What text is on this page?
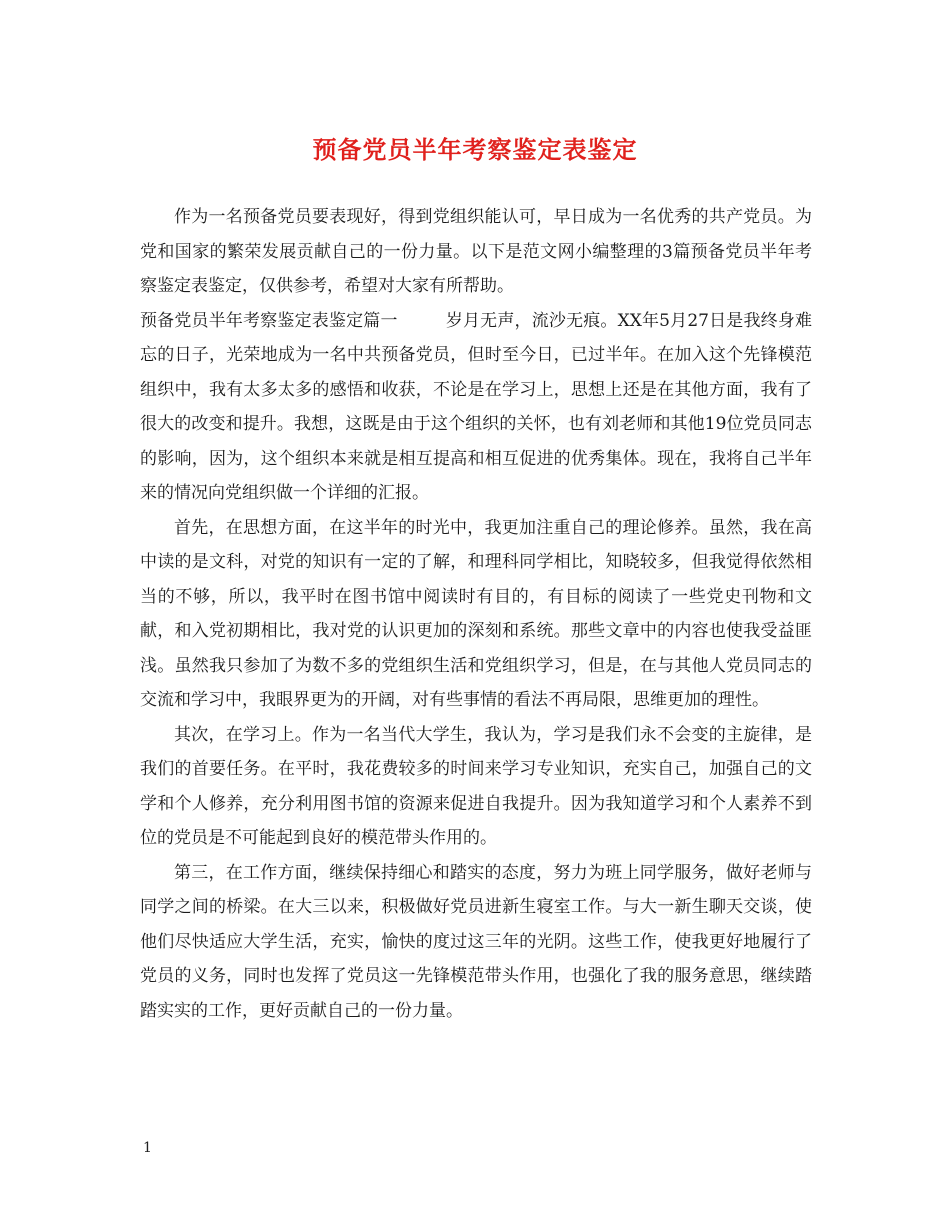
预备党员半年考察鉴定表鉴定

作为一名预备党员要表现好，得到党组织能认可，早日成为一名优秀的共产党员。为党和国家的繁荣发展贡献自己的一份力量。以下是范文网小编整理的3篇预备党员半年考察鉴定表鉴定，仅供参考，希望对大家有所帮助。

预备党员半年考察鉴定表鉴定篇一	岁月无声，流沙无痕。XX年5月27日是我终身难忘的日子，光荣地成为一名中共预备党员，但时至今日，已过半年。在加入这个先锋模范组织中，我有太多太多的感悟和收获，不论是在学习上，思想上还是在其他方面，我有了很大的改变和提升。我想，这既是由于这个组织的关怀，也有刘老师和其他19位党员同志的影响，因为，这个组织本来就是相互提高和相互促进的优秀集体。现在，我将自己半年来的情况向党组织做一个详细的汇报。

首先，在思想方面，在这半年的时光中，我更加注重自己的理论修养。虽然，我在高中读的是文科，对党的知识有一定的了解，和理科同学相比，知晓较多，但我觉得依然相当的不够，所以，我平时在图书馆中阅读时有目的，有目标的阅读了一些党史刊物和文献，和入党初期相比，我对党的认识更加的深刻和系统。那些文章中的内容也使我受益匪浅。虽然我只参加了为数不多的党组织生活和党组织学习，但是，在与其他人党员同志的交流和学习中，我眼界更为的开阔，对有些事情的看法不再局限，思维更加的理性。

其次，在学习上。作为一名当代大学生，我认为，学习是我们永不会变的主旋律，是我们的首要任务。在平时，我花费较多的时间来学习专业知识，充实自己，加强自己的文学和个人修养，充分利用图书馆的资源来促进自我提升。因为我知道学习和个人素养不到位的党员是不可能起到良好的模范带头作用的。

第三，在工作方面，继续保持细心和踏实的态度，努力为班上同学服务，做好老师与同学之间的桥梁。在大三以来，积极做好党员进新生寝室工作。与大一新生聊天交谈，使他们尽快适应大学生活，充实，愉快的度过这三年的光阴。这些工作，使我更好地履行了党员的义务，同时也发挥了党员这一先锋模范带头作用，也强化了我的服务意思，继续踏踏实实的工作，更好贡献自己的一份力量。

1
